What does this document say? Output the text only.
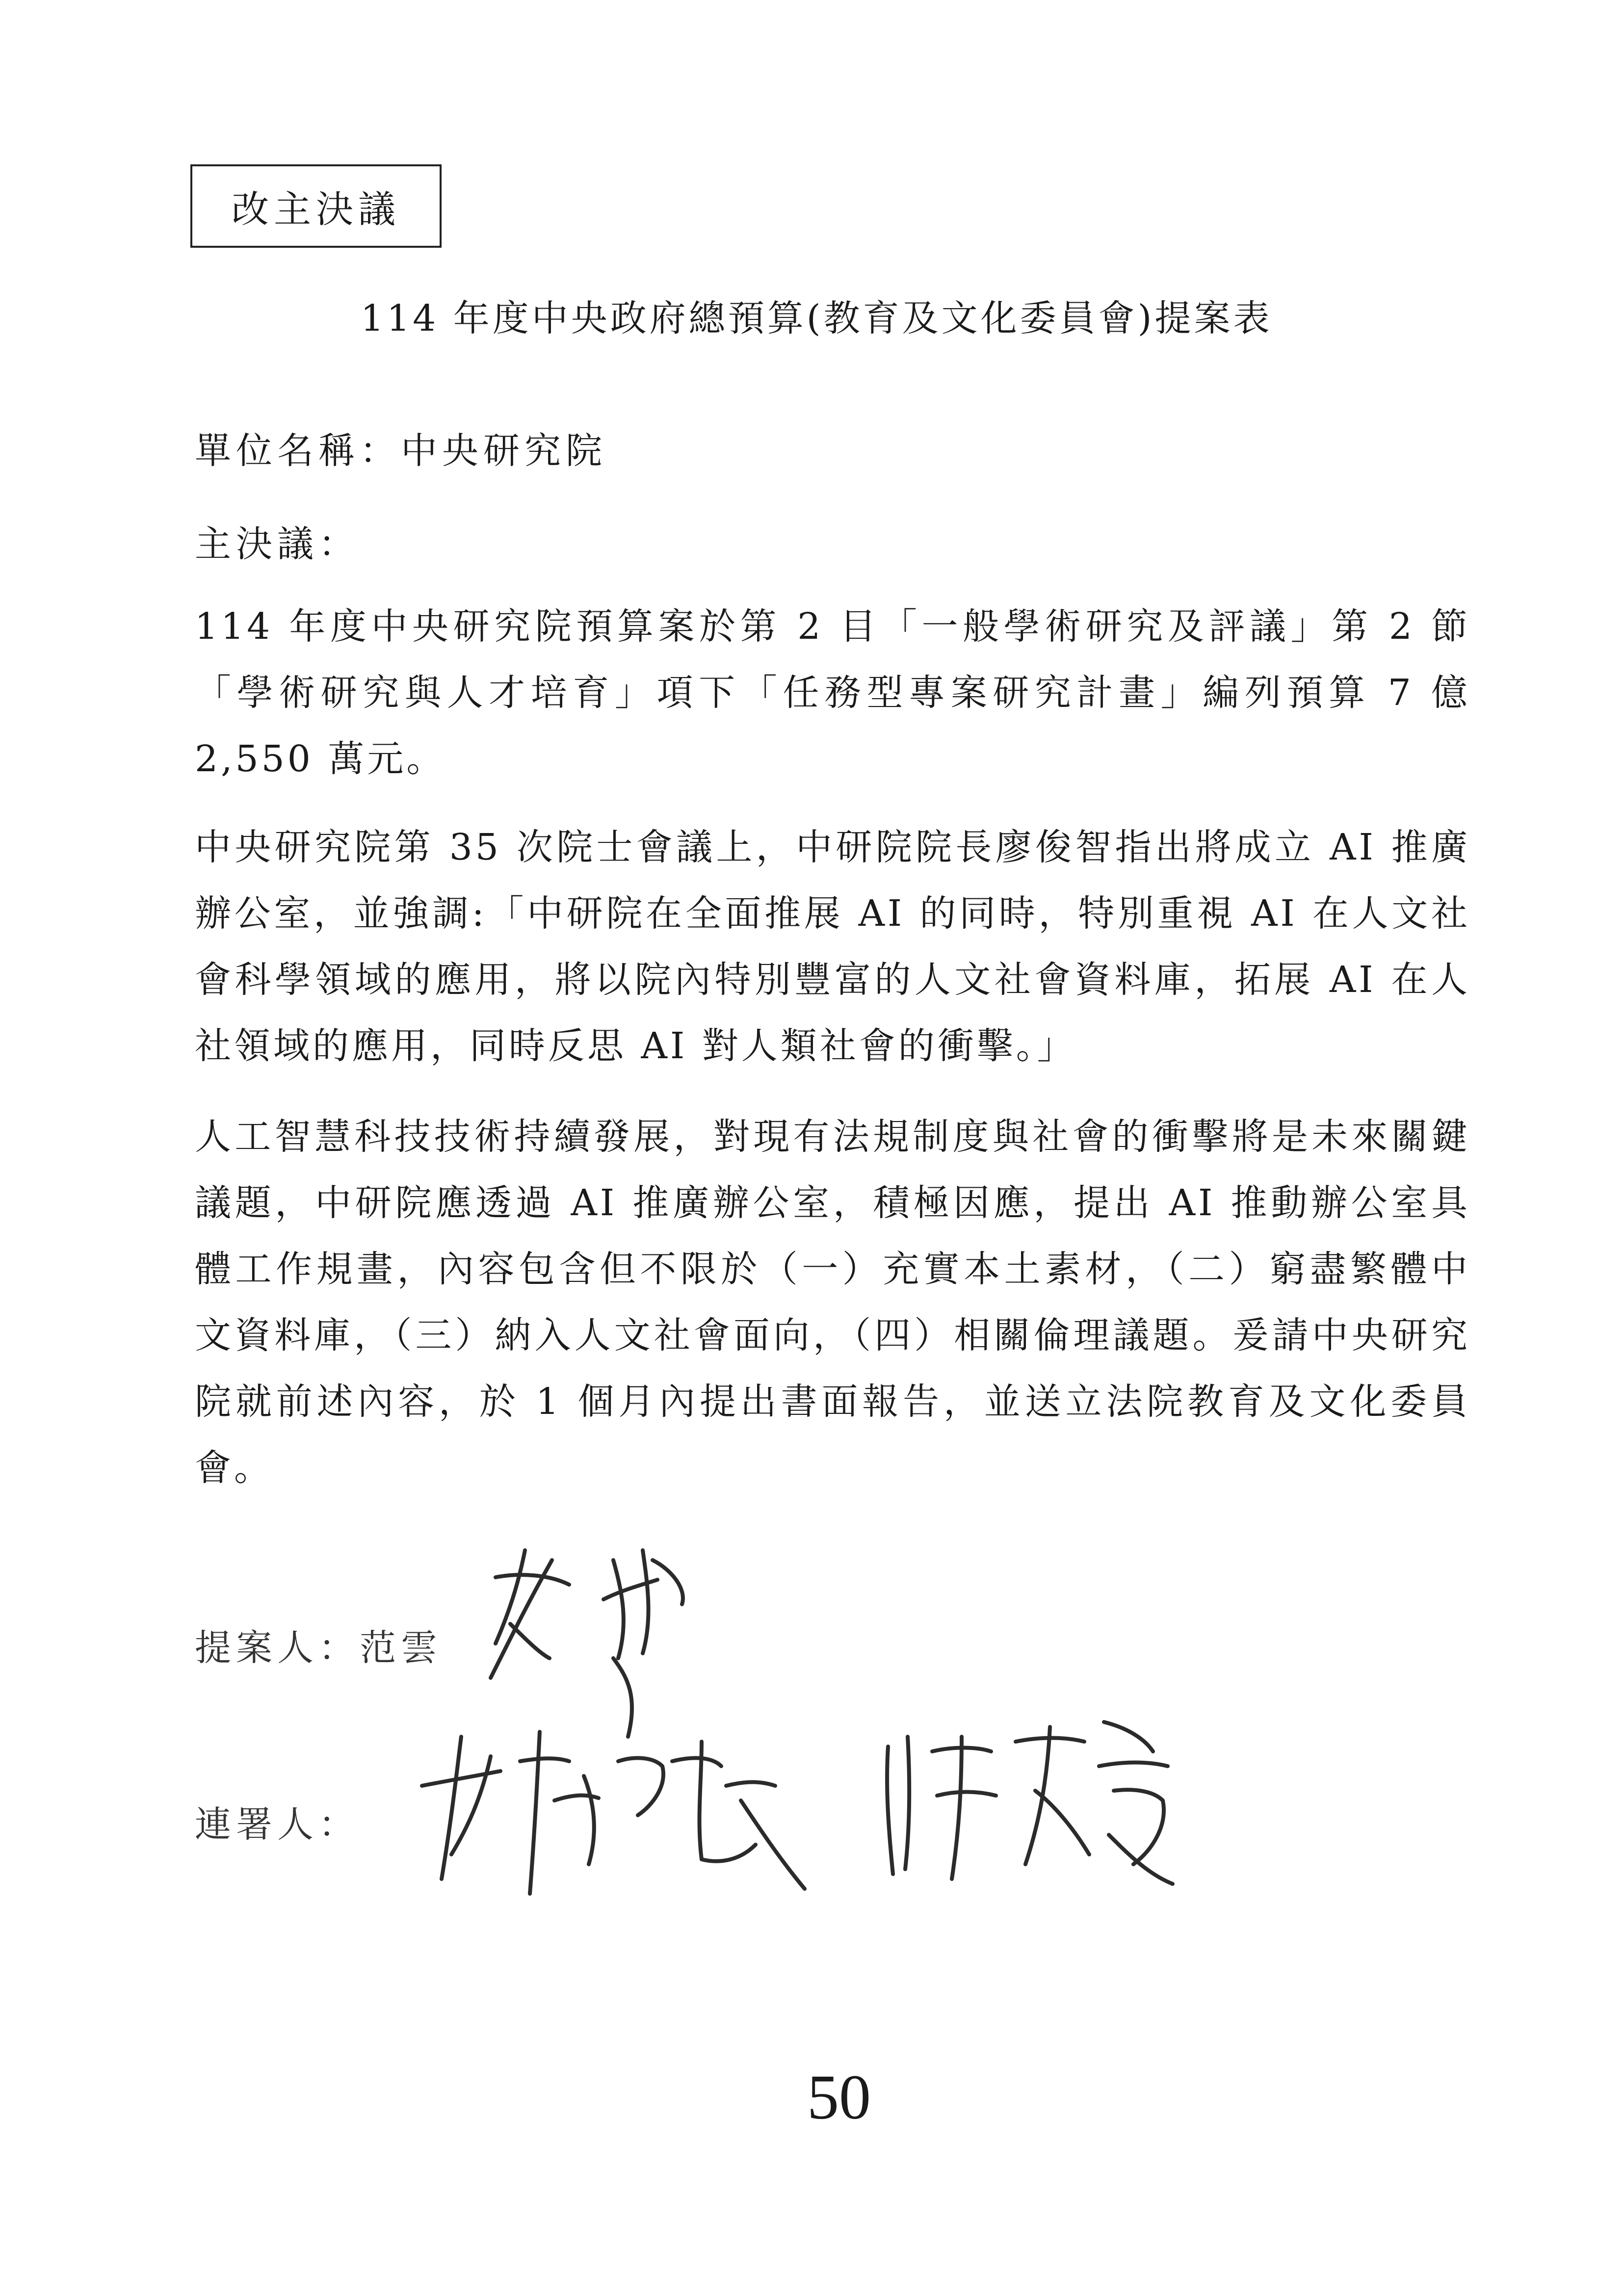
改主決議
114 年度中央政府總預算(教育及文化委員會)提案表
單位名稱：中央研究院
主決議：
114 年度中央研究院預算案於第 2 目「一般學術研究及評議」第 2 節「學術研究與人才培育」項下「任務型專案研究計畫」編列預算 7 億 2,550 萬元。
中央研究院第 35 次院士會議上，中研院院長廖俊智指出將成立 AI 推廣辦公室，並強調:「中研院在全面推展 AI 的同時，特別重視 AI 在人文社會科學領域的應用，將以院內特別豐富的人文社會資料庫，拓展 AI 在人社領域的應用，同時反思 AI 對人類社會的衝擊。」
人工智慧科技技術持續發展，對現有法規制度與社會的衝擊將是未來關鍵議題，中研院應透過 AI 推廣辦公室，積極因應，提出 AI 推動辦公室具體工作規畫，內容包含但不限於（一）充實本土素材，（二）窮盡繁體中文資料庫，（三）納入人文社會面向，（四）相關倫理議題。爰請中央研究院就前述內容，於 1 個月內提出書面報告，並送立法院教育及文化委員會。
提案人：范雲
連署人：
50
